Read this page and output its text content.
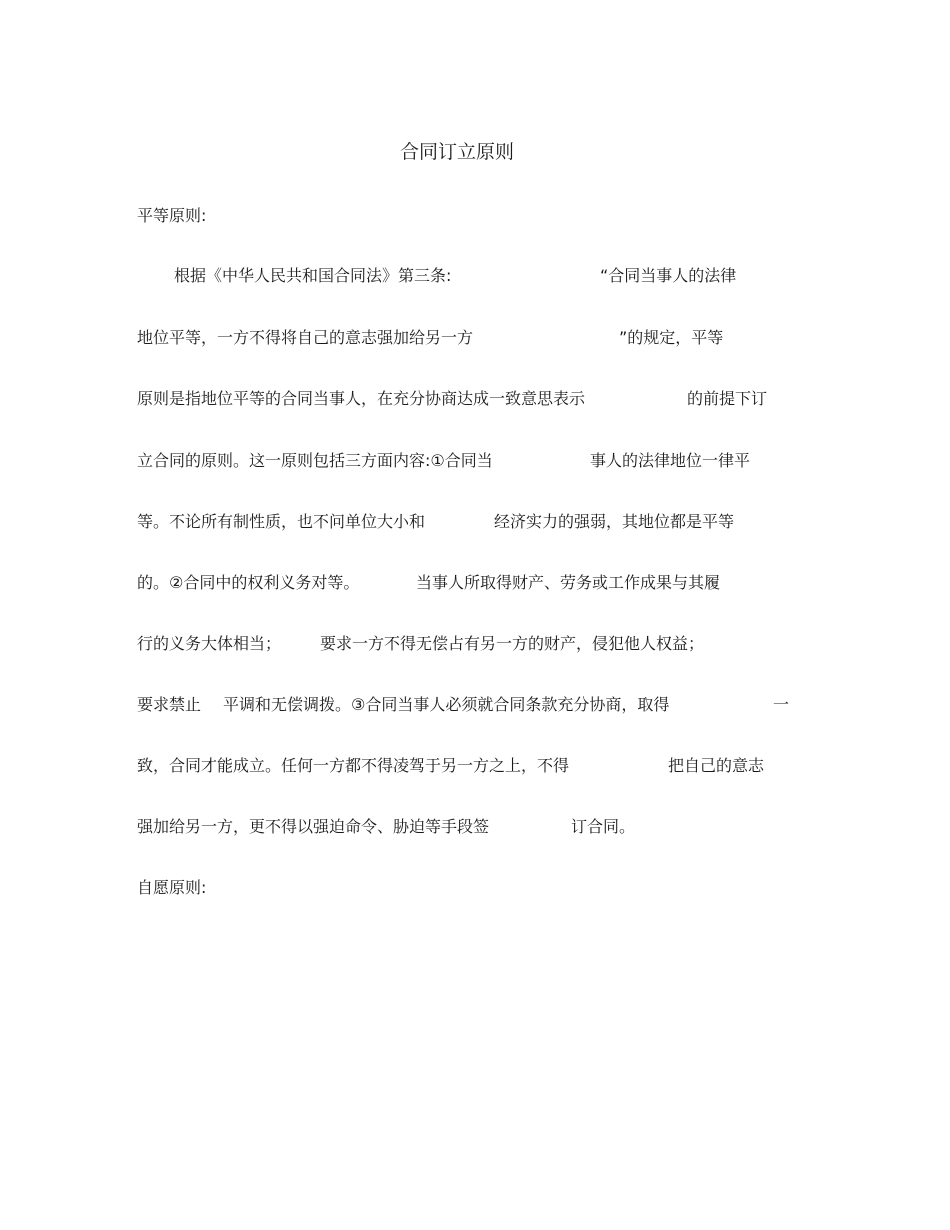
合同订立原则
平等原则:
根据《中华人民共和国合同法》第三条:	“合同当事人的法律
地位平等，一方不得将自己的意志强加给另一方	”的规定，平等
原则是指地位平等的合同当事人，在充分协商达成一致意思表示	的前提下订
立合同的原则。这一原则包括三方面内容:①合同当	事人的法律地位一律平
等。不论所有制性质，也不问单位大小和	经济实力的强弱，其地位都是平等
的。②合同中的权利义务对等。	当事人所取得财产、劳务或工作成果与其履
行的义务大体相当； 要求一方不得无偿占有另一方的财产，侵犯他人权益；
要求禁止 平调和无偿调拨。③合同当事人必须就合同条款充分协商，取得	一
致，合同才能成立。任何一方都不得凌驾于另一方之上，不得	把自己的意志
强加给另一方，更不得以强迫命令、胁迫等手段签	订合同。
自愿原则:
